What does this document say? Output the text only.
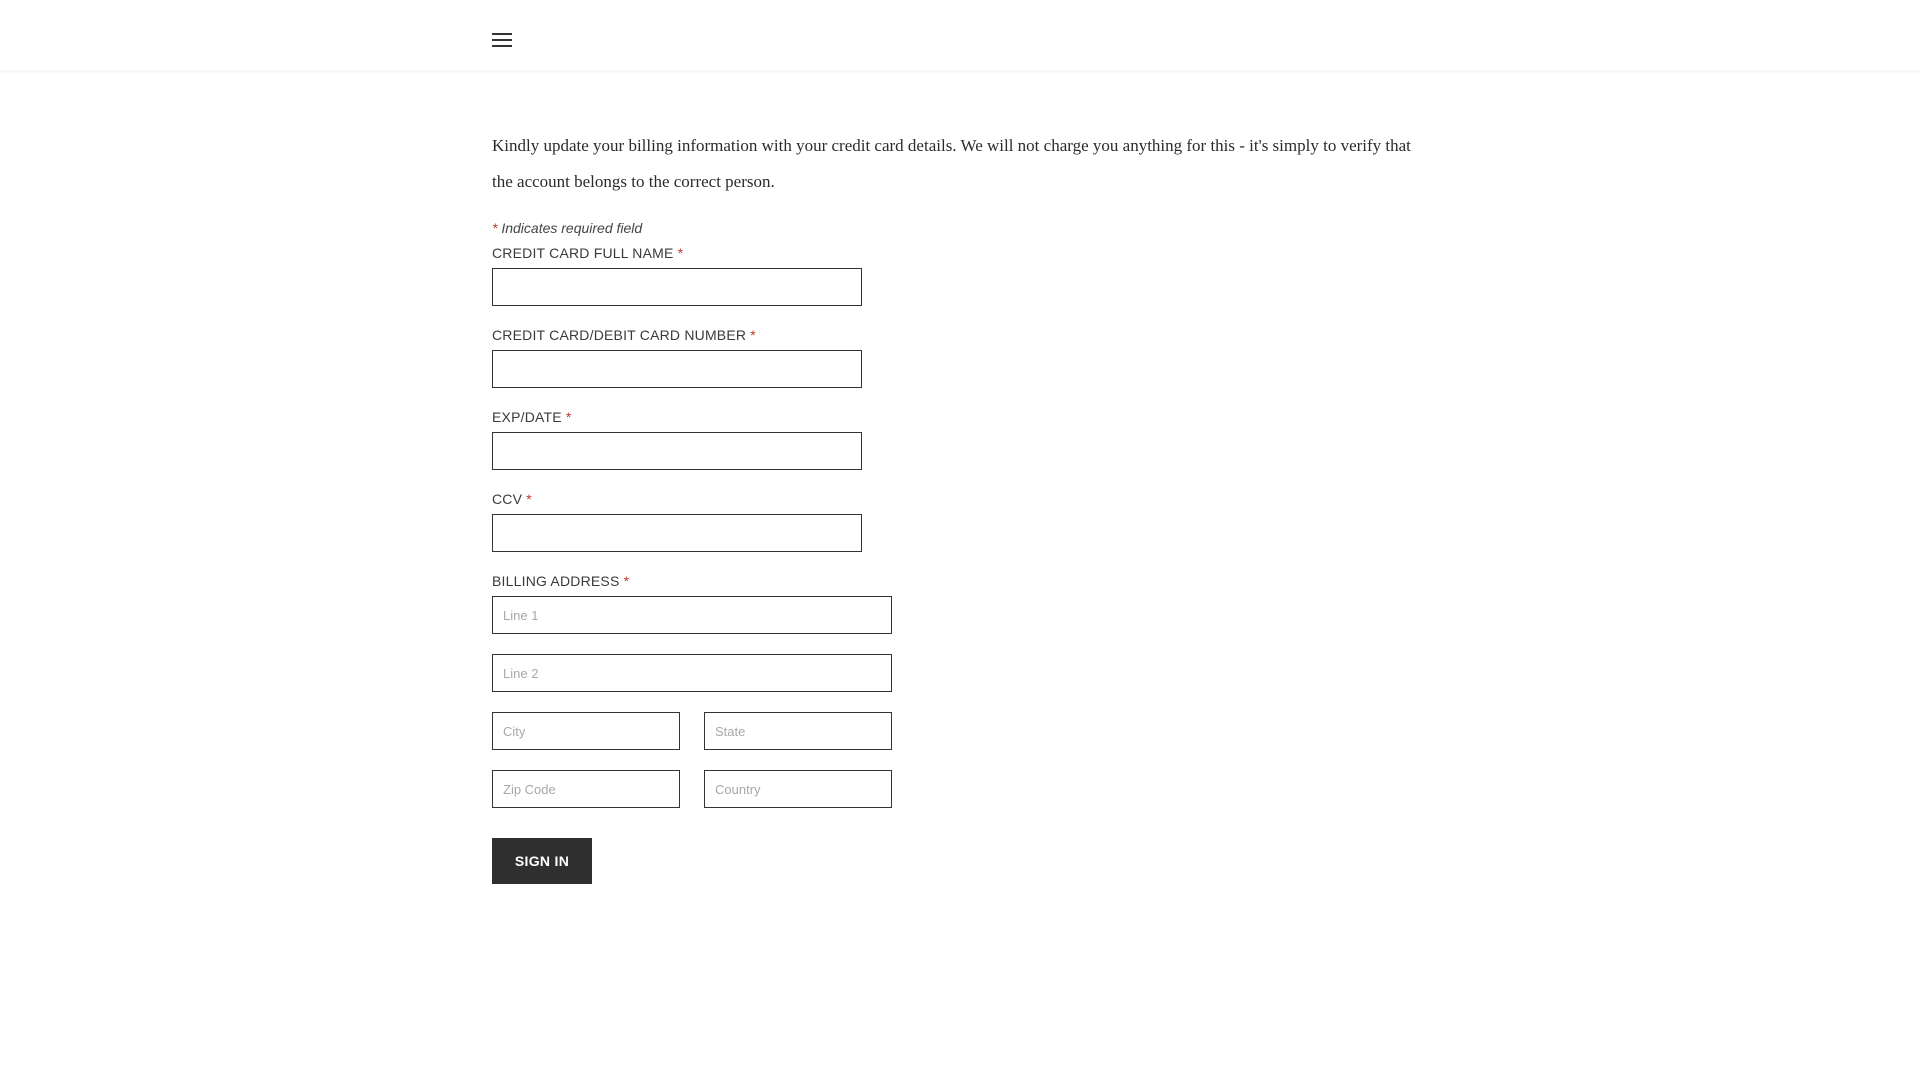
Kindly update your billing information with your credit card details. We will not charge you anything for this - it's simply to verify that the account belongs to the correct person.

* Indicates required field
CREDIT CARD FULL NAME *
CREDIT CARD/DEBIT CARD NUMBER *
EXP/DATE *
CCV *
BILLING ADDRESS *
Line 1
Line 2
City
State
Zip Code
Country
SIGN IN
